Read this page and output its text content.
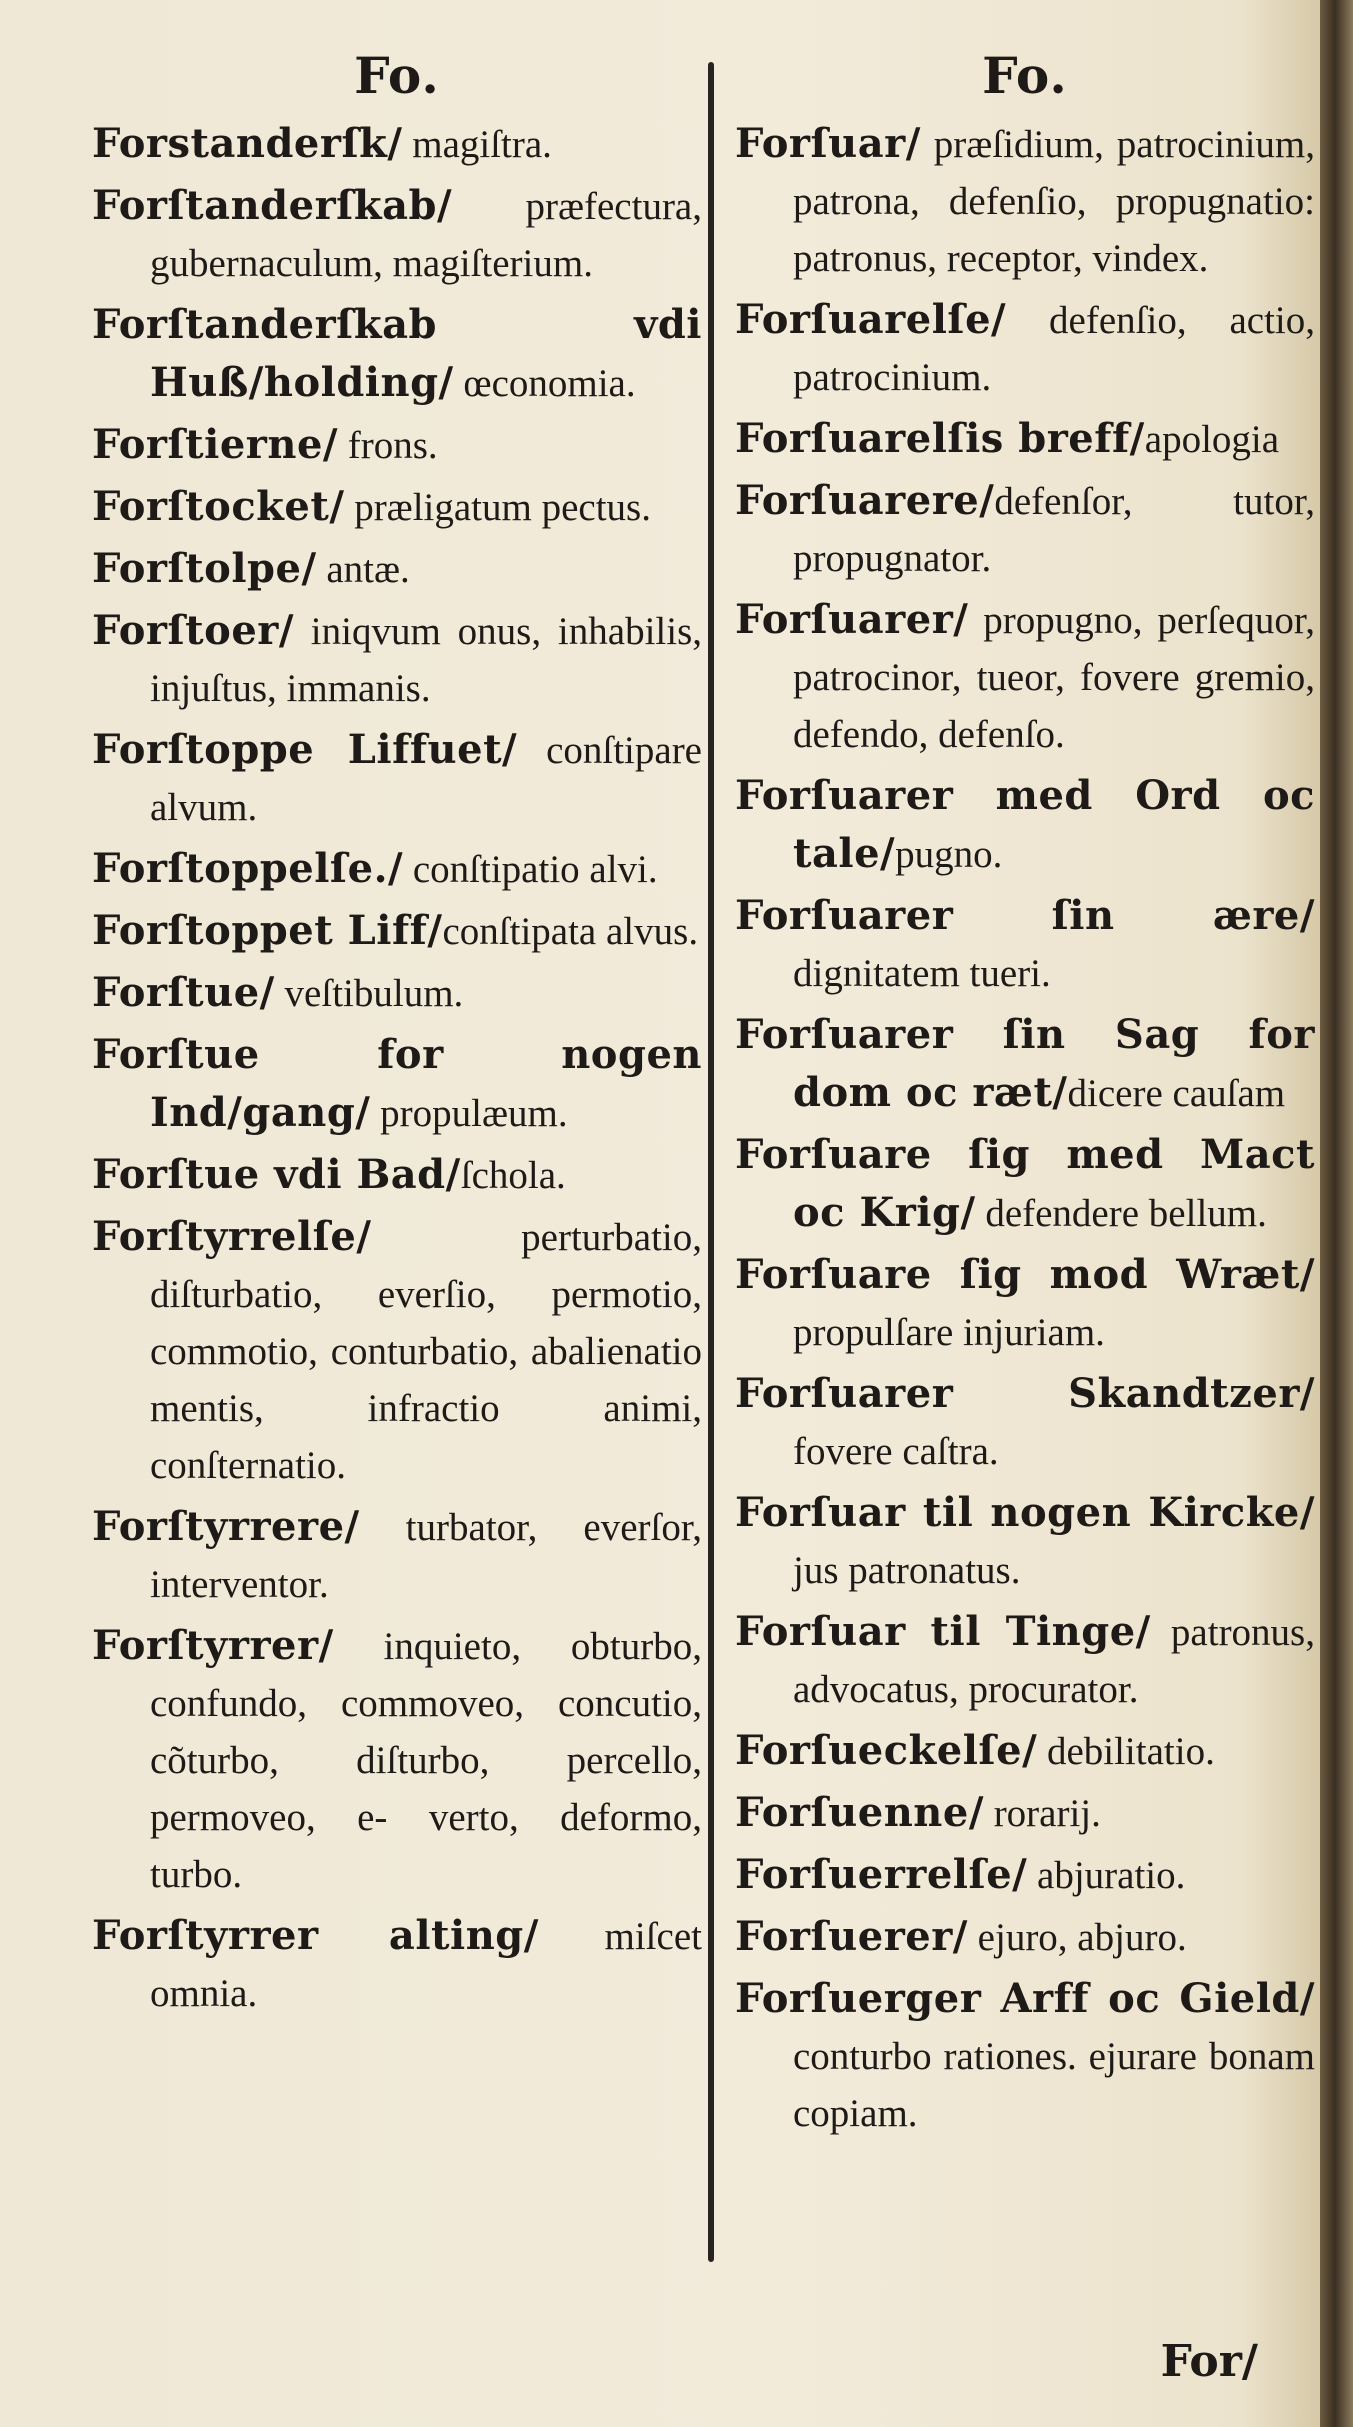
Fo.
Forstanderſk/ magiſtra.
Forſtanderſkab/ præfectura, gubernaculum, magiſterium.
Forſtanderſkab vdi Huß/holding/ œconomia.
Forſtierne/ frons.
Forſtocket/ præligatum pectus.
Forſtolpe/ antæ.
Forſtoer/ iniqvum onus, inhabilis, injuſtus, immanis.
Forſtoppe Liffuet/ conſtipare alvum.
Forſtoppelſe./ conſtipatio alvi.
Forſtoppet Liff/conſtipata alvus.
Forſtue/ veſtibulum.
Forſtue for nogen Ind/gang/ propulæum.
Forſtue vdi Bad/ſchola.
Forſtyrrelſe/ perturbatio, diſturbatio, everſio, permotio, commotio, conturbatio, abalienatio mentis, infractio animi, conſternatio.
Forſtyrrere/ turbator, everſor, interventor.
Forſtyrrer/ inquieto, obturbo, confundo, commoveo, concutio, cõturbo, diſturbo, percello, permoveo, e- verto, deformo, turbo.
Forſtyrrer alting/ miſcet omnia.
Fo.
Forſuar/ præſidium, patrocinium, patrona, defenſio, propugnatio: patronus, receptor, vindex.
Forſuarelſe/ defenſio, actio, patrocinium.
Forſuarelſis breff/apologia
Forſuarere/defenſor, tutor, propugnator.
Forſuarer/ propugno, perſequor, patrocinor, tueor, fovere gremio, defendo, defenſo.
Forſuarer med Ord oc tale/pugno.
Forſuarer ſin ære/ dignitatem tueri.
Forſuarer ſin Sag for dom oc ræt/dicere cauſam
Forſuare ſig med Mact oc Krig/ defendere bellum.
Forſuare ſig mod Wræt/ propulſare injuriam.
Forſuarer Skandtzer/ fovere caſtra.
Forſuar til nogen Kircke/ jus patronatus.
Forſuar til Tinge/ patronus, advocatus, procurator.
Forſueckelſe/ debilitatio.
Forſuenne/ rorarij.
Forſuerrelſe/ abjuratio.
Forſuerer/ ejuro, abjuro.
Forſuerger Arff oc Gield/ conturbo rationes. ejurare bonam copiam.
For/
